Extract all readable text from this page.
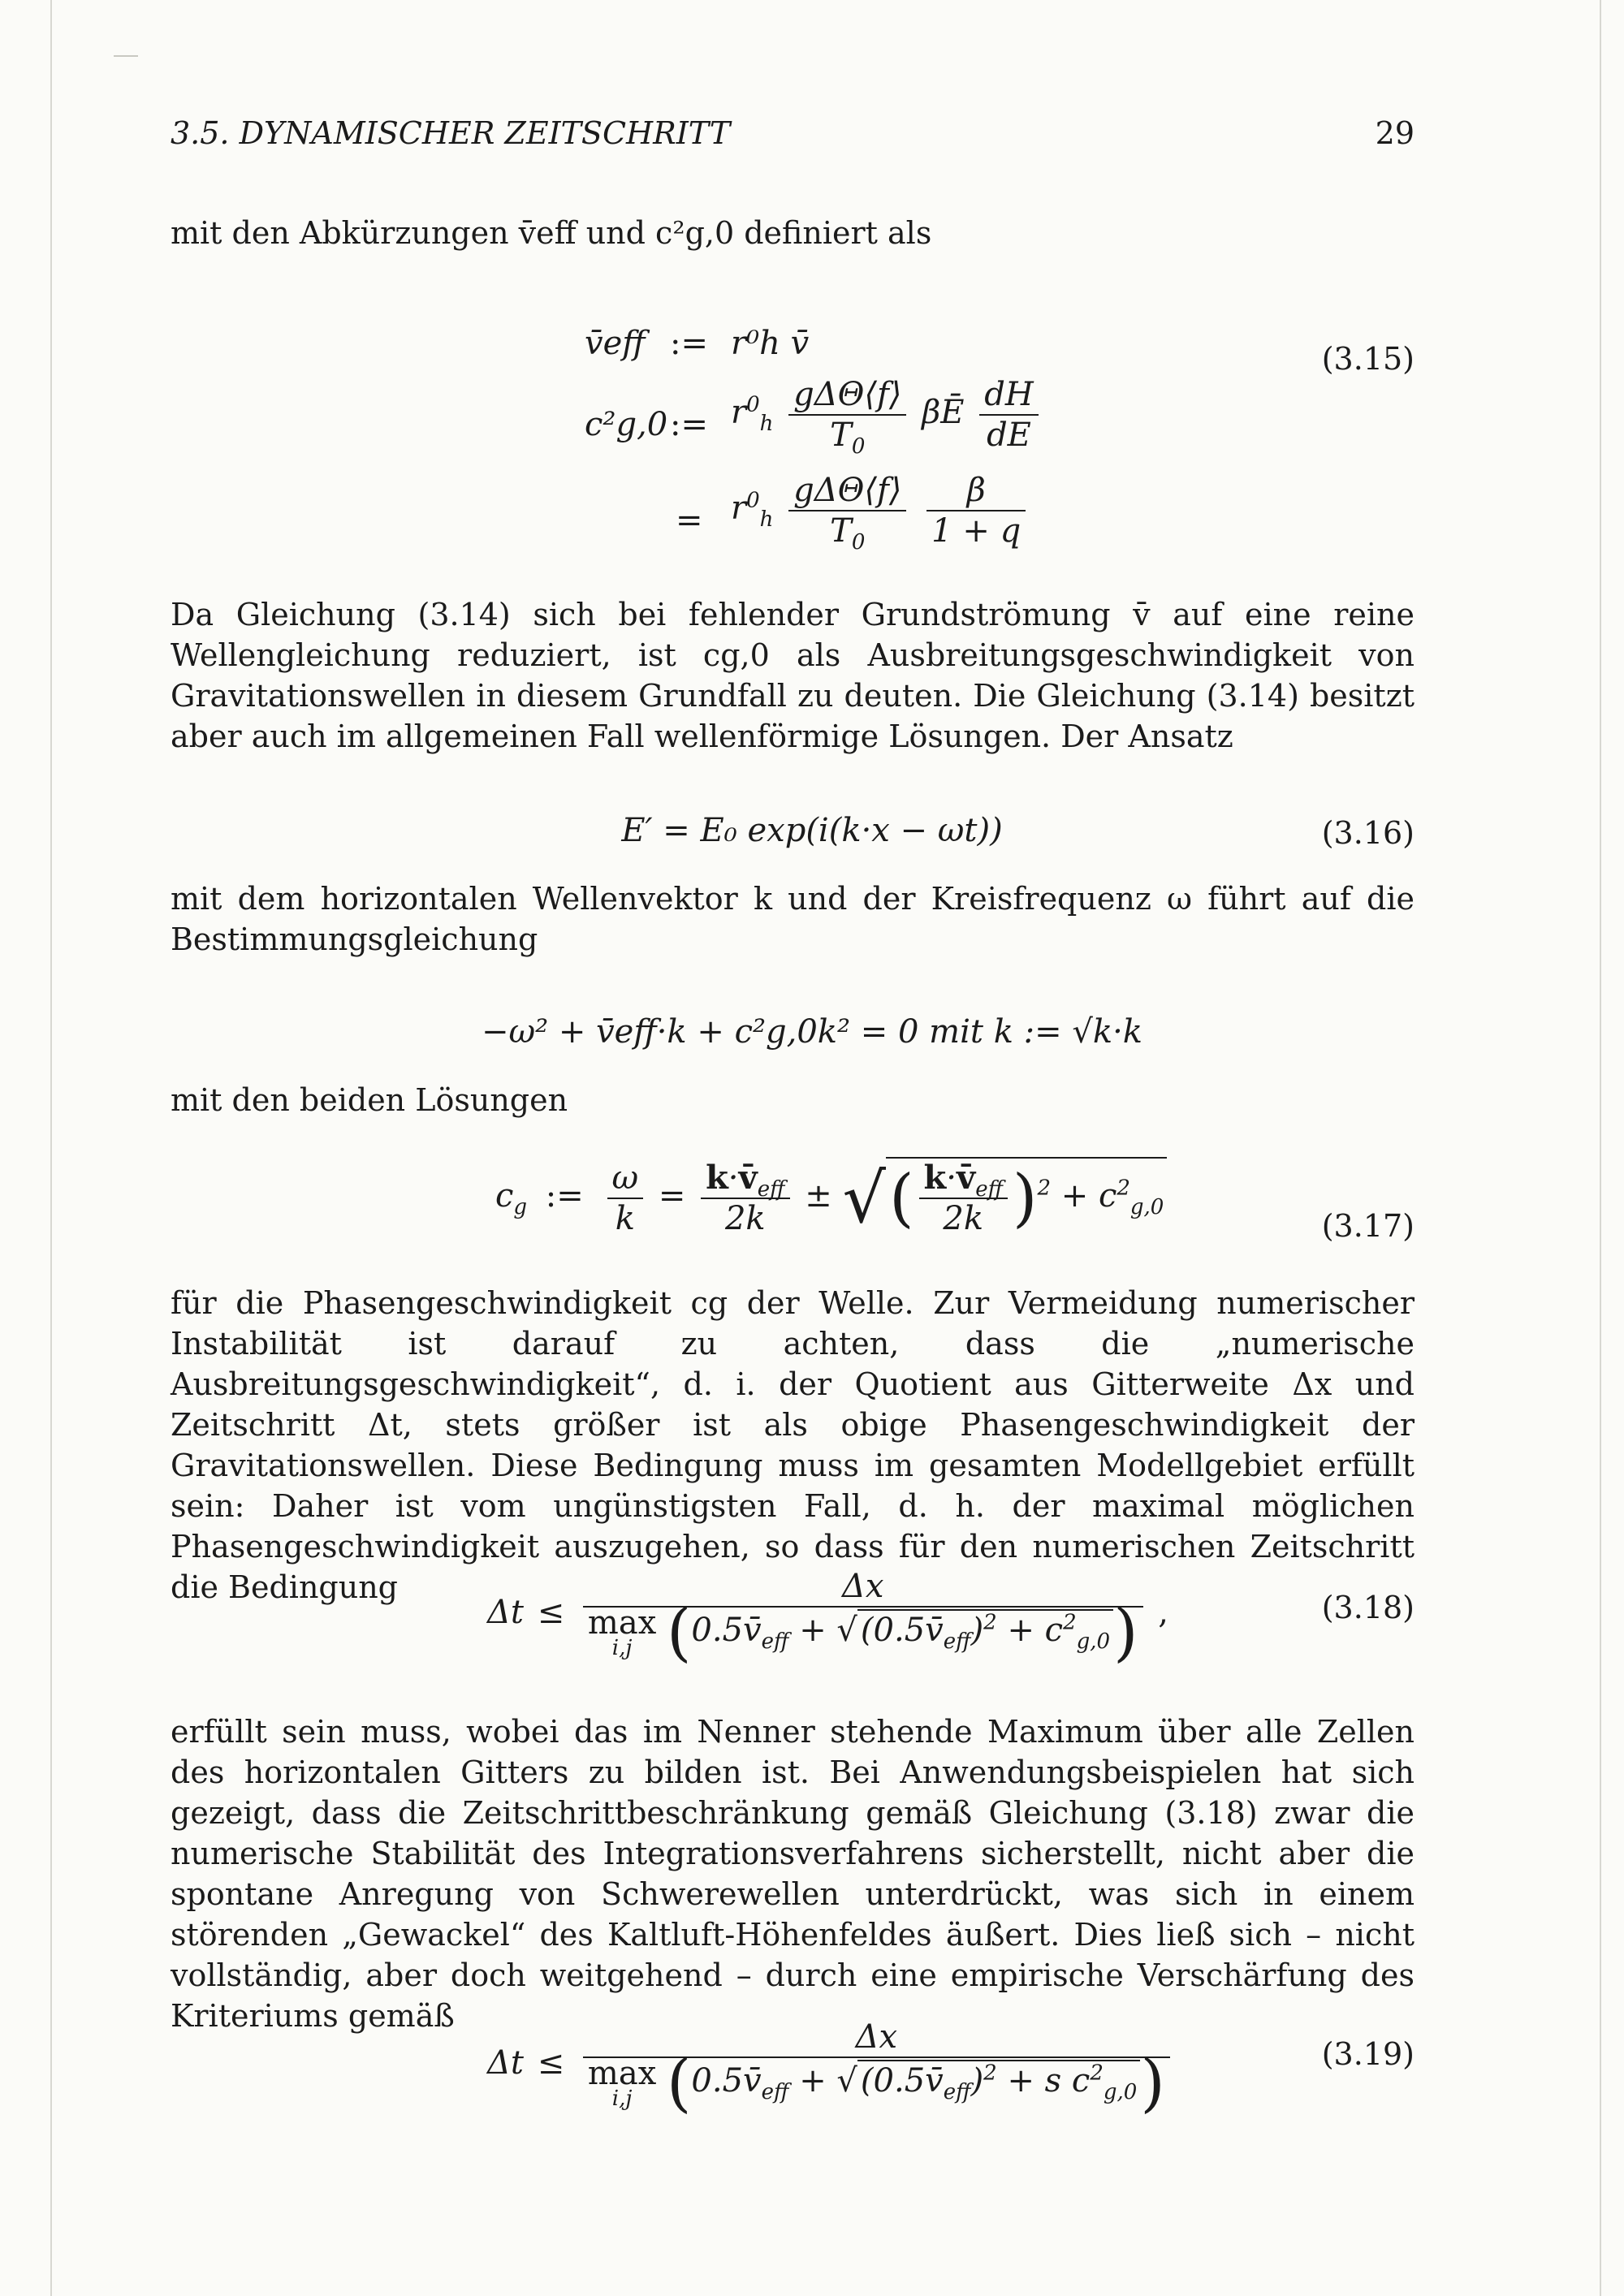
3.5. DYNAMISCHER ZEITSCHRITT	29
mit den Abkürzungen v̄eff und c²g,0 definiert als
v̄eff := r⁰h v̄
c²g,0 := $r^0_h \frac{\text{gΔΘ⟨f⟩}}{T_0}$ βĒ $\frac{dH}{dE}$
= $r^0_h \frac{\text{gΔΘ⟨f⟩}}{T_0}$
$\frac{\beta}{1 + q}$
(3.15)
Da Gleichung (3.14) sich bei fehlender Grundströmung v̄ auf eine reine Wellengleichung reduziert, ist cg,0 als Ausbreitungsgeschwindigkeit von Gravitationswellen in diesem Grundfall zu deuten. Die Gleichung (3.14) besitzt aber auch im allgemeinen Fall wellenförmige Lösungen. Der Ansatz
E′ = E₀ exp(i(k·x − ωt))	(3.16)
mit dem horizontalen Wellenvektor k und der Kreisfrequenz ω führt auf die Bestimmungsgleichung
−ω² + v̄eff·k + c²g,0k² = 0 mit k := √k·k
mit den beiden Lösungen
$c_g$ := $\frac{\omega}{k} = \frac{k\cdot v̄_{eff}}{2k}$ ± √( $\frac{k\cdot v̄_{eff}}{2k} )^2 + c^2_{g,0}$
(3.17)
für die Phasengeschwindigkeit cg der Welle. Zur Vermeidung numerischer Instabilität ist darauf zu achten, dass die „numerische Ausbreitungsgeschwindigkeit“, d. i. der Quotient aus Gitterweite Δx und Zeitschritt Δt, stets größer ist als obige Phasengeschwindigkeit der Gravitationswellen. Diese Bedingung muss im gesamten Modellgebiet erfüllt sein: Daher ist vom ungünstigsten Fall, d. h. der maximal möglichen Phasengeschwindigkeit auszugehen, so dass für den numerischen Zeitschritt die Bedingung
Δt ≤ Δx
max
i,j ($0.5v̄_{eff}$ + √ $(0.5v̄_{eff})^2 + c^2_{g,0}$) ,	(3.18)
erfüllt sein muss, wobei das im Nenner stehende Maximum über alle Zellen des horizontalen Gitters zu bilden ist. Bei Anwendungsbeispielen hat sich gezeigt, dass die Zeitschrittbeschränkung gemäß Gleichung (3.18) zwar die numerische Stabilität des Integrationsverfahrens sicherstellt, nicht aber die spontane Anregung von Schwerewellen unterdrückt, was sich in einem störenden „Gewackel“ des Kaltluft-Höhenfeldes äußert. Dies ließ sich – nicht vollständig, aber doch weitgehend – durch eine empirische Verschärfung des Kriteriums gemäß
Δt ≤ Δx
max
i,j ($0.5v̄_{eff}$ + √ $(0.5v̄_{eff})^2 + s$ $c^2_{g,0}$)	(3.19)
